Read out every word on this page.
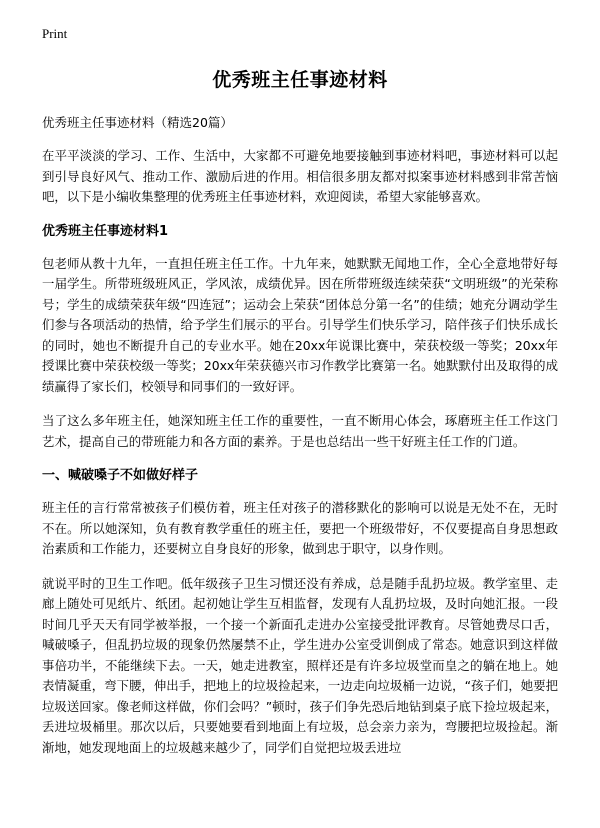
Print
优秀班主任事迹材料
优秀班主任事迹材料（精选20篇）

在平平淡淡的学习、工作、生活中，大家都不可避免地要接触到事迹材料吧，事迹材料可以起到引导良好风气、推动工作、激励后进的作用。相信很多朋友都对拟案事迹材料感到非常苦恼吧，以下是小编收集整理的优秀班主任事迹材料，欢迎阅读，希望大家能够喜欢。

优秀班主任事迹材料1

包老师从教十九年，一直担任班主任工作。十九年来，她默默无闻地工作，全心全意地带好每一届学生。所带班级班风正，学风浓，成绩优异。因在所带班级连续荣获“文明班级”的光荣称号；学生的成绩荣获年级“四连冠”；运动会上荣获“团体总分第一名”的佳绩；她充分调动学生们参与各项活动的热情，给予学生们展示的平台。引导学生们快乐学习，陪伴孩子们快乐成长的同时，她也不断提升自己的专业水平。她在20xx年说课比赛中，荣获校级一等奖；20xx年授课比赛中荣获校级一等奖；20xx年荣获德兴市习作教学比赛第一名。她默默付出及取得的成绩赢得了家长们，校领导和同事们的一致好评。

当了这么多年班主任，她深知班主任工作的重要性，一直不断用心体会，琢磨班主任工作这门艺术，提高自己的带班能力和各方面的素养。于是也总结出一些干好班主任工作的门道。

一、喊破嗓子不如做好样子

班主任的言行常常被孩子们模仿着，班主任对孩子的潜移默化的影响可以说是无处不在，无时不在。所以她深知，负有教育教学重任的班主任，要把一个班级带好，不仅要提高自身思想政治素质和工作能力，还要树立自身良好的形象，做到忠于职守，以身作则。

就说平时的卫生工作吧。低年级孩子卫生习惯还没有养成，总是随手乱扔垃圾。教学室里、走廊上随处可见纸片、纸团。起初她让学生互相监督，发现有人乱扔垃圾，及时向她汇报。一段时间几乎天天有同学被举报，一个接一个新面孔走进办公室接受批评教育。尽管她费尽口舌，喊破嗓子，但乱扔垃圾的现象仍然屡禁不止，学生进办公室受训倒成了常态。她意识到这样做事倍功半，不能继续下去。一天，她走进教室，照样还是有许多垃圾堂而皇之的躺在地上。她表情凝重，弯下腰，伸出手，把地上的垃圾捡起来，一边走向垃圾桶一边说，“孩子们，她要把垃圾送回家。像老师这样做，你们会吗？”顿时，孩子们争先恐后地钻到桌子底下捡垃圾起来，丢进垃圾桶里。那次以后，只要她要看到地面上有垃圾，总会亲力亲为，弯腰把垃圾捡起。渐渐地，她发现地面上的垃圾越来越少了，同学们自觉把垃圾丢进垃
